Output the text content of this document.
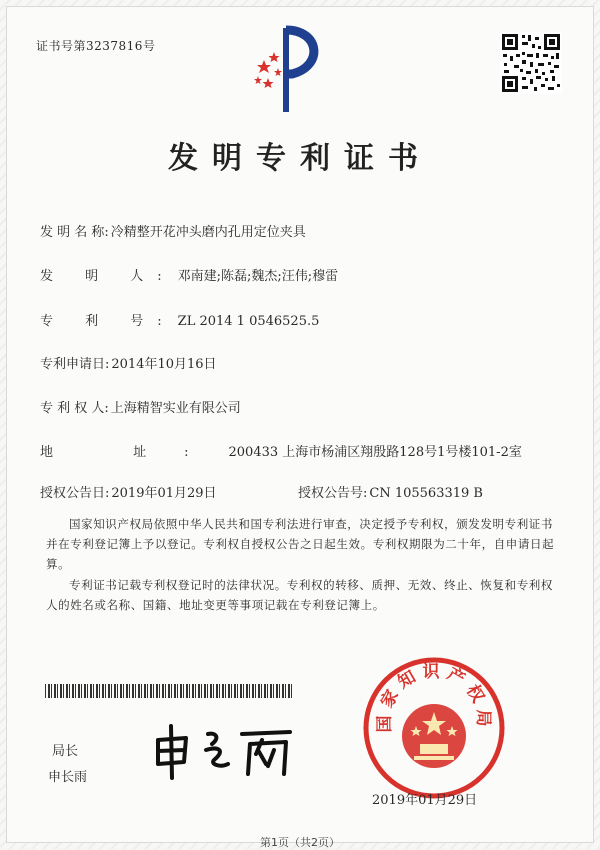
证书号第3237816号
发明专利证书
发 明 名 称: 冷精整开花冲头磨内孔用定位夹具
发 明 人: 邓南建;陈磊;魏杰;汪伟;穆雷
专 利 号: ZL 2014 1 0546525.5
专利申请日: 2014年10月16日
专 利 权 人: 上海精智实业有限公司
地 址: 200433 上海市杨浦区翔殷路128号1号楼101-2室
授权公告日: 2019年01月29日	授权公告号: CN 105563319 B
国家知识产权局依照中华人民共和国专利法进行审查，决定授予专利权，颁发发明专利证书并在专利登记簿上予以登记。专利权自授权公告之日起生效。专利权期限为二十年，自申请日起算。
专利证书记载专利权登记时的法律状况。专利权的转移、质押、无效、终止、恢复和专利权人的姓名或名称、国籍、地址变更等事项记载在专利登记簿上。
局长
申长雨
国家知识产权局
2019年01月29日
第1页（共2页）
